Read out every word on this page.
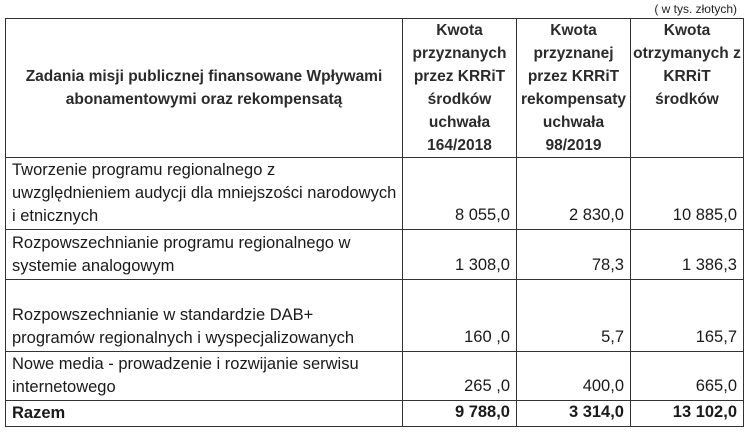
( w tys. złotych)
Zadania misji publicznej finansowane Wpływami abonamentowymi oraz rekompensatą	Kwota przyznanych przez KRRiT środków uchwała 164/2018	Kwota przyznanej przez KRRiT rekompensaty uchwała 98/2019	Kwota otrzymanych z KRRiT środków
Tworzenie programu regionalnego z uwzględnieniem audycji dla mniejszości narodowych i etnicznych	8 055,0	2 830,0	10 885,0
Rozpowszechnianie programu regionalnego w systemie analogowym	1 308,0	78,3	1 386,3
Rozpowszechnianie w standardzie DAB+ programów regionalnych i wyspecjalizowanych	160 ,0	5,7	165,7
Nowe media - prowadzenie i rozwijanie serwisu internetowego	265 ,0	400,0	665,0
Razem	9 788,0	3 314,0	13 102,0
